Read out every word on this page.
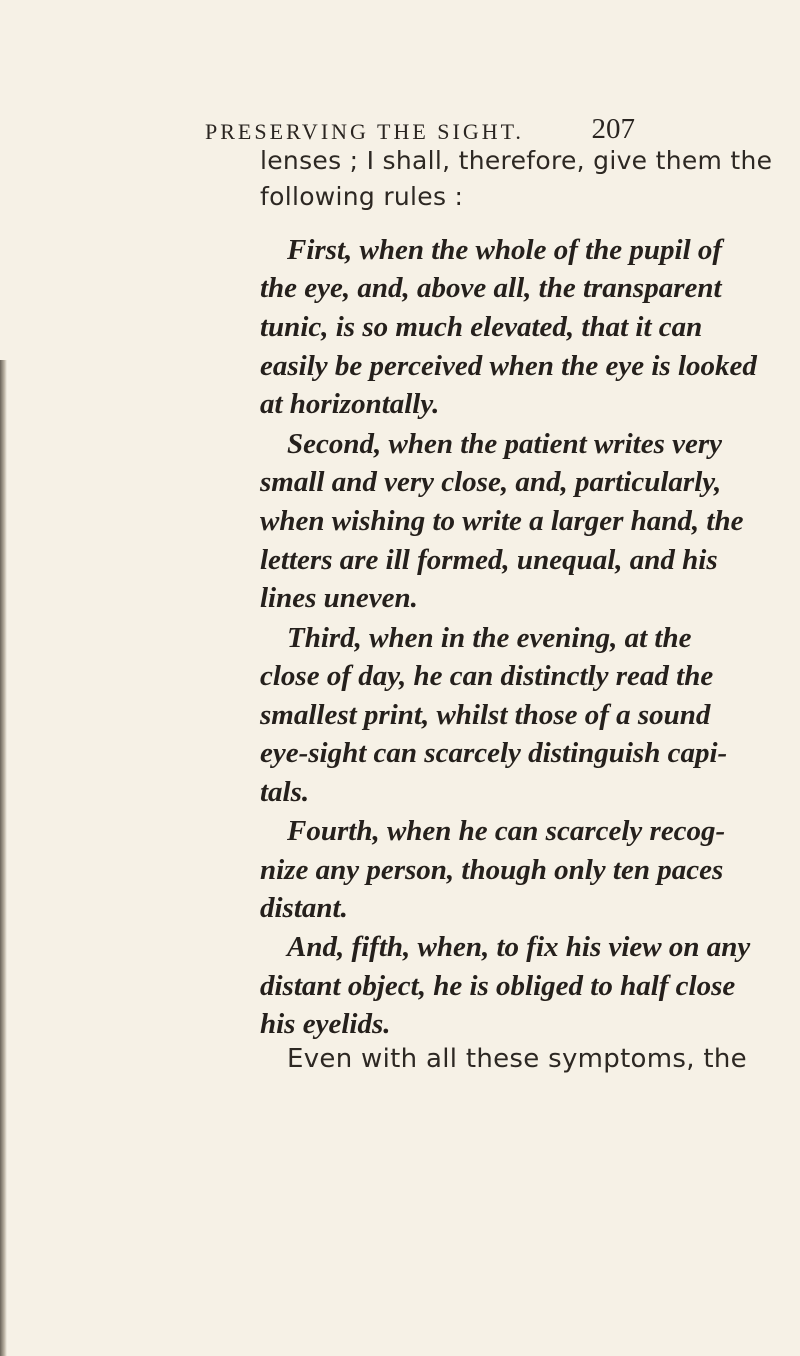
PRESERVING THE SIGHT. 207
lenses ; I shall, therefore, give them the
following rules :
First, when the whole of the pupil of
the eye, and, above all, the transparent
tunic, is so much elevated, that it can
easily be perceived when the eye is looked
at horizontally.
Second, when the patient writes very
small and very close, and, particularly,
when wishing to write a larger hand, the
letters are ill formed, unequal, and his
lines uneven.
Third, when in the evening, at the
close of day, he can distinctly read the
smallest print, whilst those of a sound
eye-sight can scarcely distinguish capi-
tals.
Fourth, when he can scarcely recog-
nize any person, though only ten paces
distant.
And, fifth, when, to fix his view on any
distant object, he is obliged to half close
his eyelids.
Even with all these symptoms, the
